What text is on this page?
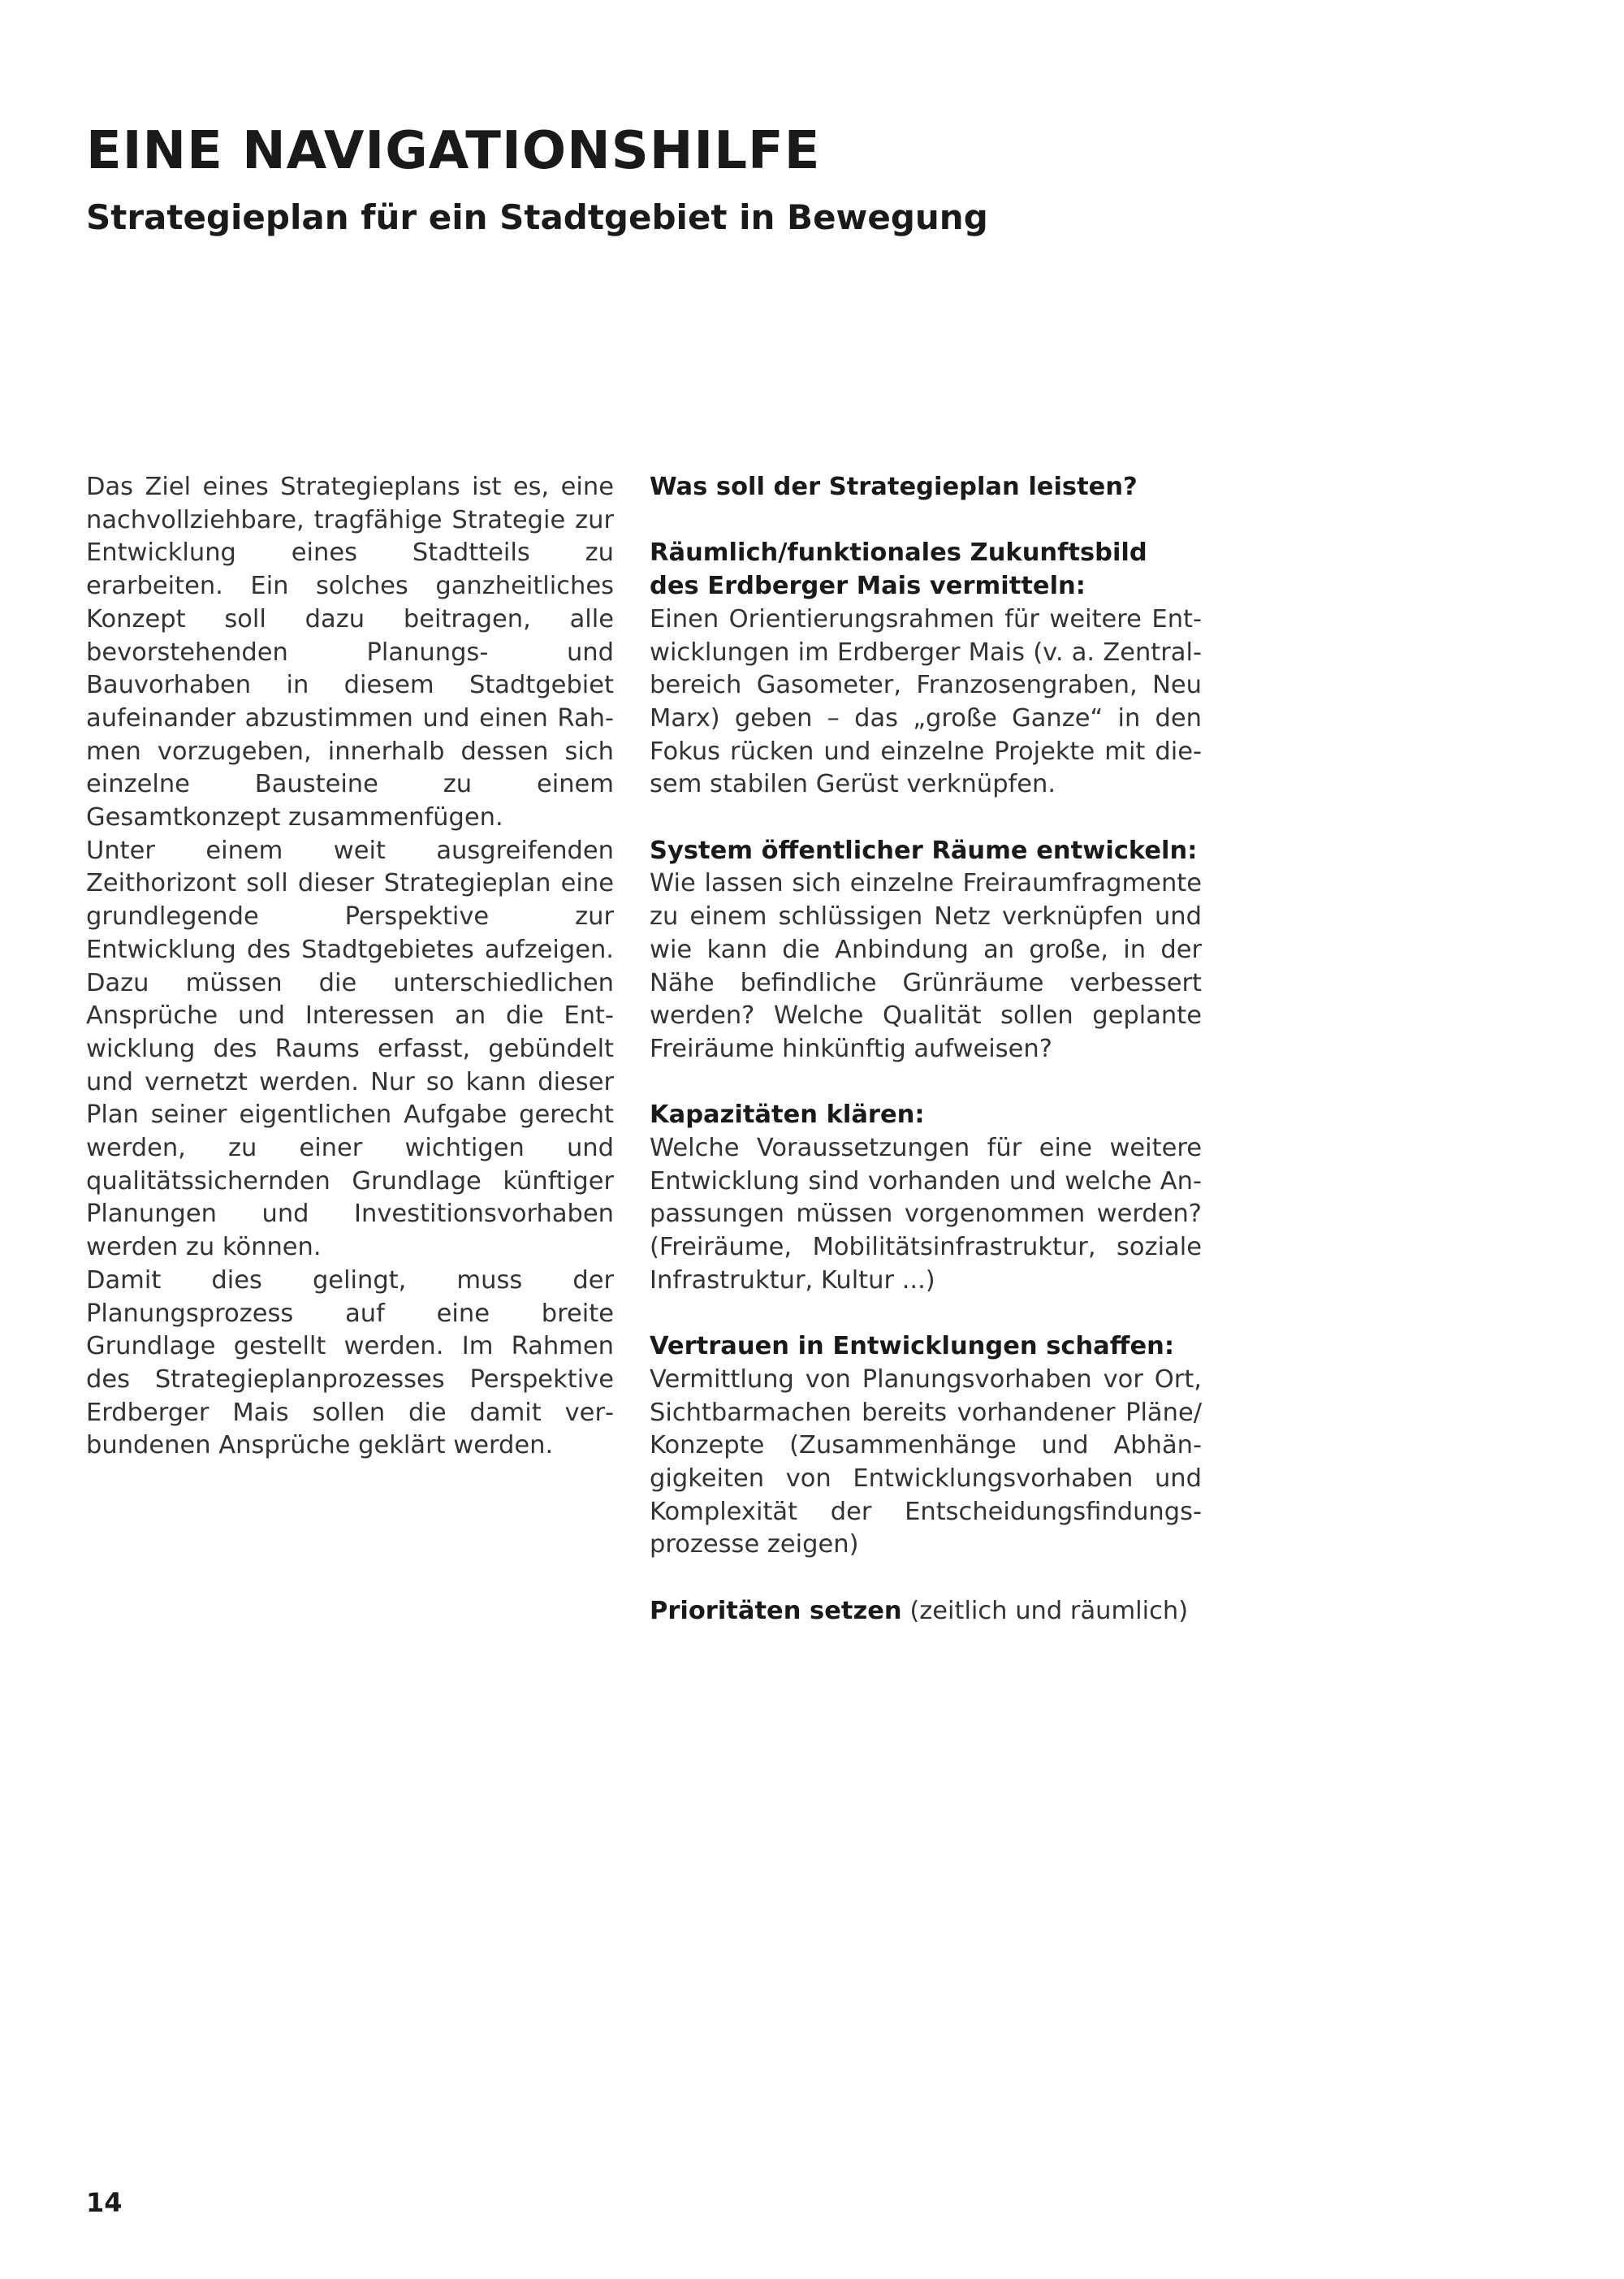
EINE NAVIGATIONSHILFE
Strategieplan für ein Stadtgebiet in Bewegung

Das Ziel eines Strategieplans ist es, eine nachvollziehbare, tragfähige Strategie zur Entwicklung eines Stadtteils zu erarbeiten. Ein solches ganzheitliches Konzept soll dazu beitragen, alle bevorstehenden Planungs- und Bauvorhaben in diesem Stadtgebiet aufeinander abzustimmen und einen Rahmen vorzugeben, innerhalb dessen sich einzelne Bausteine zu einem Gesamtkonzept zusammenfügen.

Unter einem weit ausgreifenden Zeithorizont soll dieser Strategieplan eine grundlegende Perspektive zur Entwicklung des Stadtgebietes aufzeigen. Dazu müssen die unterschiedlichen Ansprüche und Interessen an die Entwicklung des Raums erfasst, gebündelt und vernetzt werden. Nur so kann dieser Plan seiner eigentlichen Aufgabe gerecht werden, zu einer wichtigen und qualitätssichernden Grundlage künftiger Planungen und Investitionsvorhaben werden zu können.

Damit dies gelingt, muss der Planungsprozess auf eine breite Grundlage gestellt werden. Im Rahmen des Strategieplanprozesses Perspektive Erdberger Mais sollen die damit verbundenen Ansprüche geklärt werden.

Was soll der Strategieplan leisten?

Räumlich/funktionales Zukunftsbild des Erdberger Mais vermitteln:
Einen Orientierungsrahmen für weitere Entwicklungen im Erdberger Mais (v. a. Zentralbereich Gasometer, Franzosengraben, Neu Marx) geben – das „große Ganze“ in den Fokus rücken und einzelne Projekte mit diesem stabilen Gerüst verknüpfen.
System öffentlicher Räume entwickeln:
Wie lassen sich einzelne Freiraumfragmente zu einem schlüssigen Netz verknüpfen und wie kann die Anbindung an große, in der Nähe befindliche Grünräume verbessert werden? Welche Qualität sollen geplante Freiräume hinkünftig aufweisen?
Kapazitäten klären:
Welche Voraussetzungen für eine weitere Entwicklung sind vorhanden und welche Anpassungen müssen vorgenommen werden? (Freiräume, Mobilitätsinfrastruktur, soziale Infrastruktur, Kultur ...)
Vertrauen in Entwicklungen schaffen:
Vermittlung von Planungsvorhaben vor Ort, Sichtbarmachen bereits vorhandener Pläne/ Konzepte (Zusammenhänge und Abhängigkeiten von Entwicklungsvorhaben und Komplexität der Entscheidungsfindungsprozesse zeigen)

Prioritäten setzen (zeitlich und räumlich)

14
